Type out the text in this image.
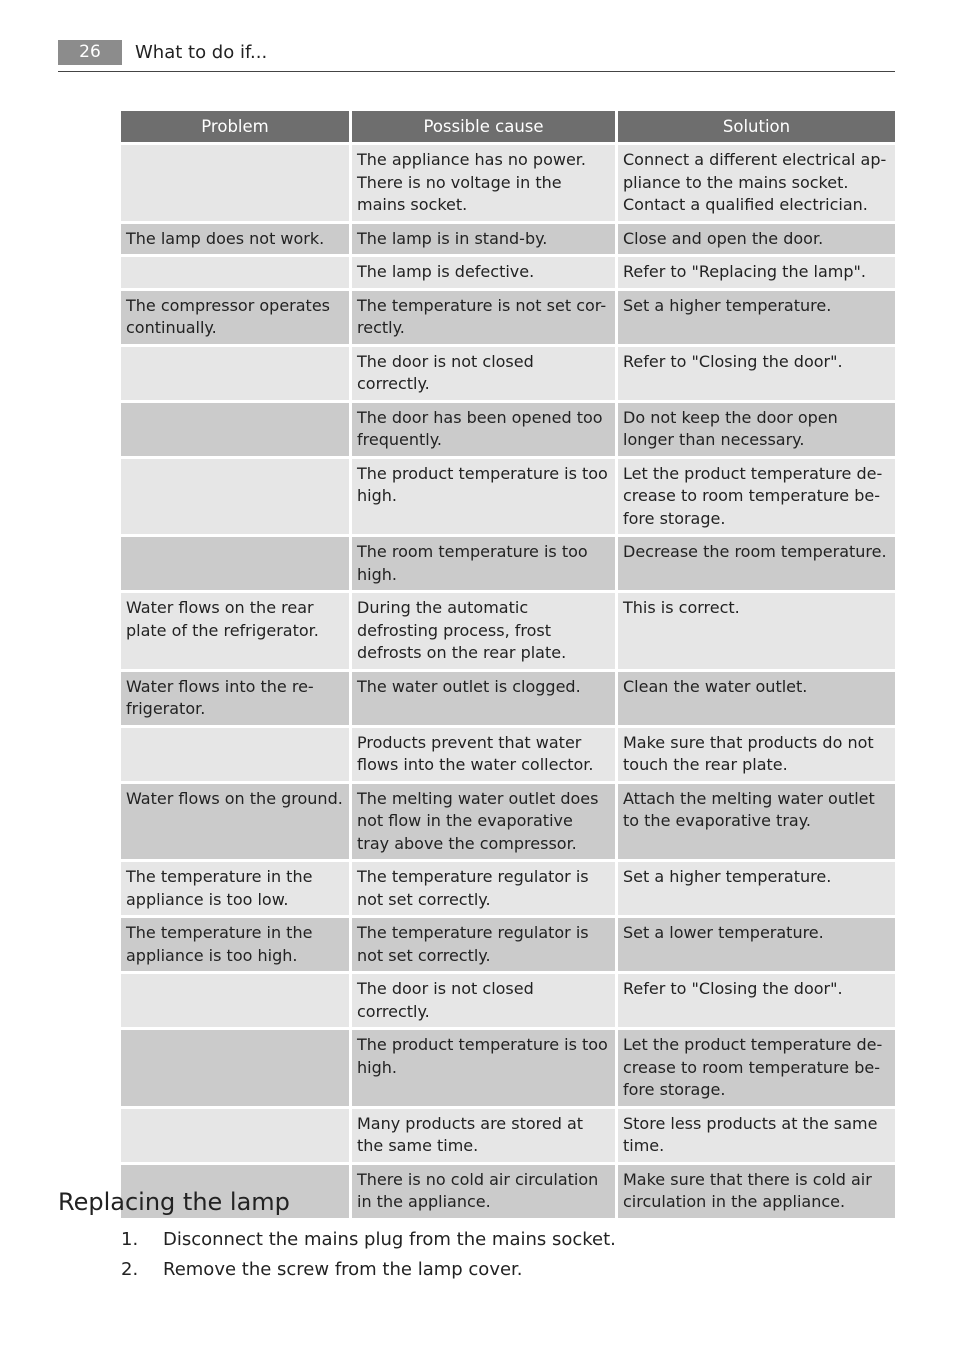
26	What to do if...
Problem	Possible cause	Solution
	The appliance has no power. There is no voltage in the mains socket.	Connect a different electrical ap-pliance to the mains socket. Contact a qualified electrician.
The lamp does not work.	The lamp is in stand-by.	Close and open the door.
	The lamp is defective.	Refer to "Replacing the lamp".
The compressor operates continually.	The temperature is not set cor-rectly.	Set a higher temperature.
	The door is not closed correctly.	Refer to "Closing the door".
	The door has been opened too frequently.	Do not keep the door open longer than necessary.
	The product temperature is too high.	Let the product temperature de-crease to room temperature be-fore storage.
	The room temperature is too high.	Decrease the room temperature.
Water flows on the rear plate of the refrigerator.	During the automatic defrosting process, frost defrosts on the rear plate.	This is correct.
Water flows into the re-frigerator.	The water outlet is clogged.	Clean the water outlet.
	Products prevent that water flows into the water collector.	Make sure that products do not touch the rear plate.
Water flows on the ground.	The melting water outlet does not flow in the evaporative tray above the compressor.	Attach the melting water outlet to the evaporative tray.
The temperature in the appliance is too low.	The temperature regulator is not set correctly.	Set a higher temperature.
The temperature in the appliance is too high.	The temperature regulator is not set correctly.	Set a lower temperature.
	The door is not closed correctly.	Refer to "Closing the door".
	The product temperature is too high.	Let the product temperature de-crease to room temperature be-fore storage.
	Many products are stored at the same time.	Store less products at the same time.
	There is no cold air circulation in the appliance.	Make sure that there is cold air circulation in the appliance.
Replacing the lamp
1. Disconnect the mains plug from the mains socket.
2. Remove the screw from the lamp cover.
